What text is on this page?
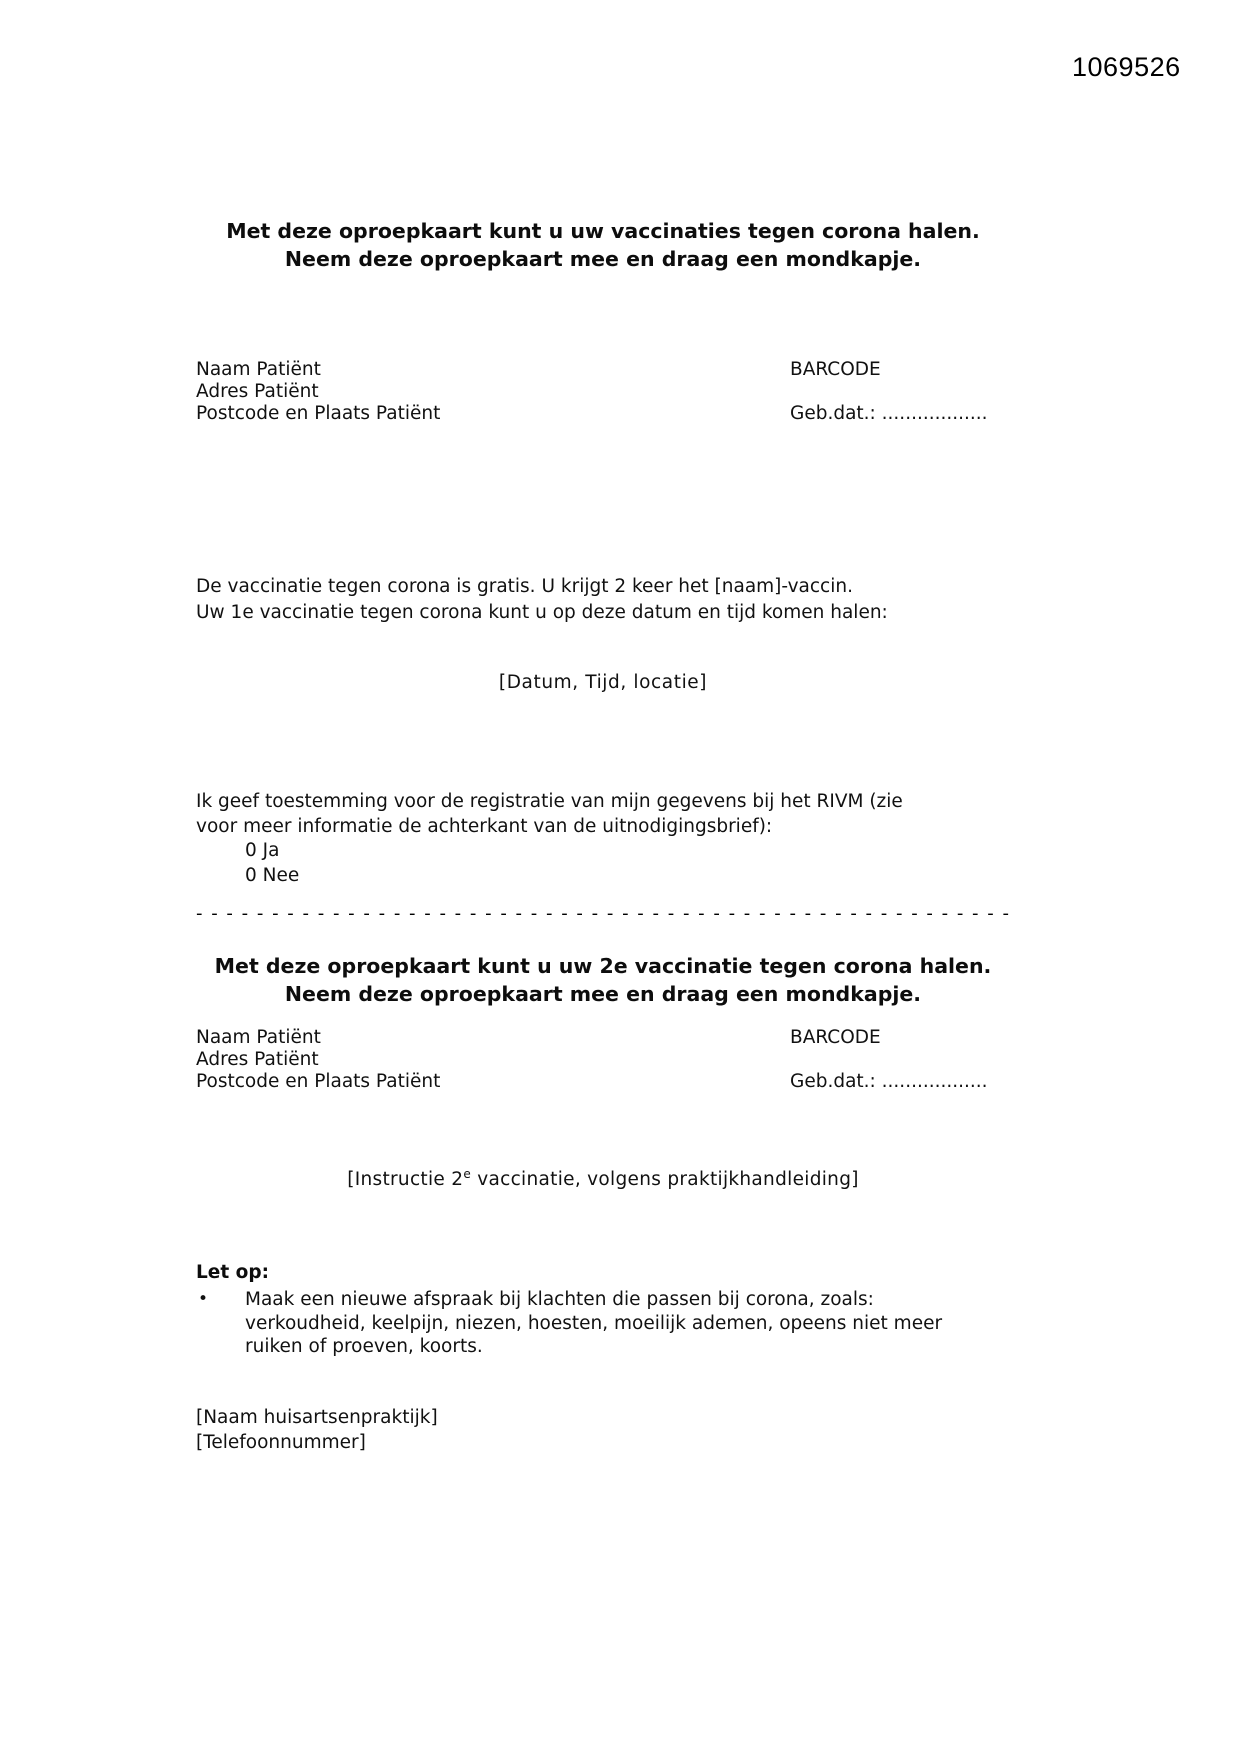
1069526
Met deze oproepkaart kunt u uw vaccinaties tegen corona halen.
Neem deze oproepkaart mee en draag een mondkapje.
Naam Patiënt
Adres Patiënt
Postcode en Plaats Patiënt
BARCODE
Geb.dat.: ..................
De vaccinatie tegen corona is gratis. U krijgt 2 keer het [naam]-vaccin.
Uw 1e vaccinatie tegen corona kunt u op deze datum en tijd komen halen:
[Datum, Tijd, locatie]
Ik geef toestemming voor de registratie van mijn gegevens bij het RIVM (zie
voor meer informatie de achterkant van de uitnodigingsbrief):
0 Ja
0 Nee
- - - - - - - - - - - - - - - - - - - - - - - - - - - - - - - - - - - - - - - - - - - - - - - - - - - - - -
Met deze oproepkaart kunt u uw 2e vaccinatie tegen corona halen.
Neem deze oproepkaart mee en draag een mondkapje.
Naam Patiënt
Adres Patiënt
Postcode en Plaats Patiënt
BARCODE
Geb.dat.: ..................
[Instructie 2e vaccinatie, volgens praktijkhandleiding]
Let op:
• Maak een nieuwe afspraak bij klachten die passen bij corona, zoals:
verkoudheid, keelpijn, niezen, hoesten, moeilijk ademen, opeens niet meer
ruiken of proeven, koorts.
[Naam huisartsenpraktijk]
[Telefoonnummer]
